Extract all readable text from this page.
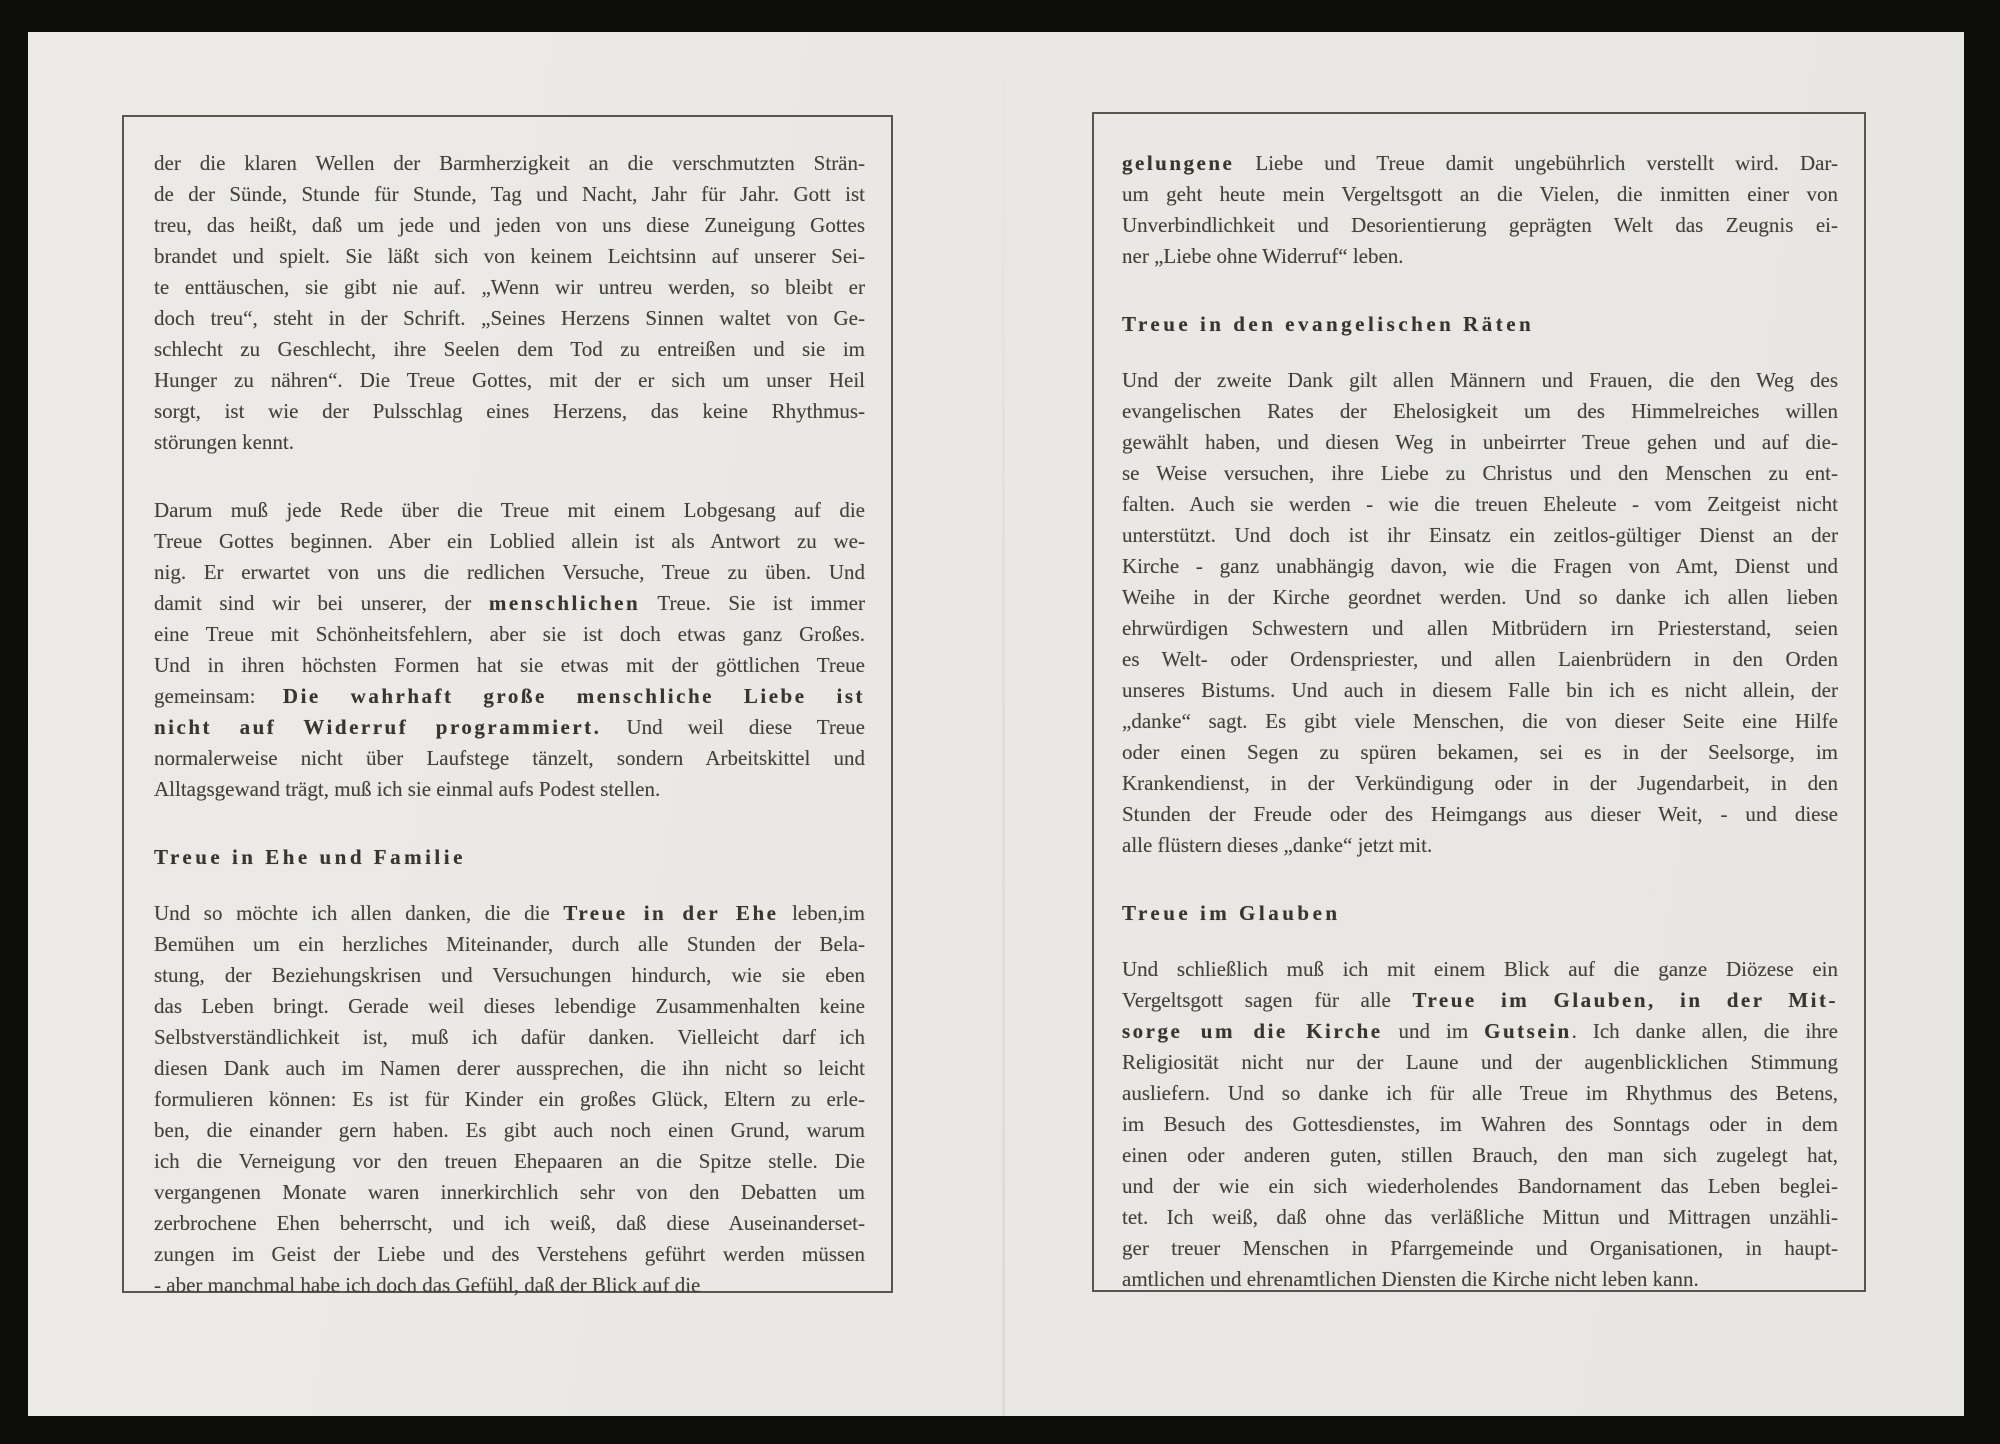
der die klaren Wellen der Barmherzigkeit an die verschmutzten Strän-
de der Sünde, Stunde für Stunde, Tag und Nacht, Jahr für Jahr. Gott ist
treu, das heißt, daß um jede und jeden von uns diese Zuneigung Gottes
brandet und spielt. Sie läßt sich von keinem Leichtsinn auf unserer Sei-
te enttäuschen, sie gibt nie auf. „Wenn wir untreu werden, so bleibt er
doch treu“, steht in der Schrift. „Seines Herzens Sinnen waltet von Ge-
schlecht zu Geschlecht, ihre Seelen dem Tod zu entreißen und sie im
Hunger zu nähren“. Die Treue Gottes, mit der er sich um unser Heil
sorgt, ist wie der Pulsschlag eines Herzens, das keine Rhythmus-
störungen kennt.
Darum muß jede Rede über die Treue mit einem Lobgesang auf die
Treue Gottes beginnen. Aber ein Loblied allein ist als Antwort zu we-
nig. Er erwartet von uns die redlichen Versuche, Treue zu üben. Und
damit sind wir bei unserer, der menschlichen Treue. Sie ist immer
eine Treue mit Schönheitsfehlern, aber sie ist doch etwas ganz Großes.
Und in ihren höchsten Formen hat sie etwas mit der göttlichen Treue
gemeinsam: Die wahrhaft große menschliche Liebe ist
nicht auf Widerruf programmiert. Und weil diese Treue
normalerweise nicht über Laufstege tänzelt, sondern Arbeitskittel und
Alltagsgewand trägt, muß ich sie einmal aufs Podest stellen.
Treue in Ehe und Familie
Und so möchte ich allen danken, die die Treue in der Ehe leben,im
Bemühen um ein herzliches Miteinander, durch alle Stunden der Bela-
stung, der Beziehungskrisen und Versuchungen hindurch, wie sie eben
das Leben bringt. Gerade weil dieses lebendige Zusammenhalten keine
Selbstverständlichkeit ist, muß ich dafür danken. Vielleicht darf ich
diesen Dank auch im Namen derer aussprechen, die ihn nicht so leicht
formulieren können: Es ist für Kinder ein großes Glück, Eltern zu erle-
ben, die einander gern haben. Es gibt auch noch einen Grund, warum
ich die Verneigung vor den treuen Ehepaaren an die Spitze stelle. Die
vergangenen Monate waren innerkirchlich sehr von den Debatten um
zerbrochene Ehen beherrscht, und ich weiß, daß diese Auseinanderset-
zungen im Geist der Liebe und des Verstehens geführt werden müssen
- aber manchmal habe ich doch das Gefühl, daß der Blick auf die
gelungene Liebe und Treue damit ungebührlich verstellt wird. Dar-
um geht heute mein Vergeltsgott an die Vielen, die inmitten einer von
Unverbindlichkeit und Desorientierung geprägten Welt das Zeugnis ei-
ner „Liebe ohne Widerruf“ leben.
Treue in den evangelischen Räten
Und der zweite Dank gilt allen Männern und Frauen, die den Weg des
evangelischen Rates der Ehelosigkeit um des Himmelreiches willen
gewählt haben, und diesen Weg in unbeirrter Treue gehen und auf die-
se Weise versuchen, ihre Liebe zu Christus und den Menschen zu ent-
falten. Auch sie werden - wie die treuen Eheleute - vom Zeitgeist nicht
unterstützt. Und doch ist ihr Einsatz ein zeitlos-gültiger Dienst an der
Kirche - ganz unabhängig davon, wie die Fragen von Amt, Dienst und
Weihe in der Kirche geordnet werden. Und so danke ich allen lieben
ehrwürdigen Schwestern und allen Mitbrüdern irn Priesterstand, seien
es Welt- oder Ordenspriester, und allen Laienbrüdern in den Orden
unseres Bistums. Und auch in diesem Falle bin ich es nicht allein, der
„danke“ sagt. Es gibt viele Menschen, die von dieser Seite eine Hilfe
oder einen Segen zu spüren bekamen, sei es in der Seelsorge, im
Krankendienst, in der Verkündigung oder in der Jugendarbeit, in den
Stunden der Freude oder des Heimgangs aus dieser Weit, - und diese
alle flüstern dieses „danke“ jetzt mit.
Treue im Glauben
Und schließlich muß ich mit einem Blick auf die ganze Diözese ein
Vergeltsgott sagen für alle Treue im Glauben, in der Mit-
sorge um die Kirche und im Gutsein. Ich danke allen, die ihre
Religiosität nicht nur der Laune und der augenblicklichen Stimmung
ausliefern. Und so danke ich für alle Treue im Rhythmus des Betens,
im Besuch des Gottesdienstes, im Wahren des Sonntags oder in dem
einen oder anderen guten, stillen Brauch, den man sich zugelegt hat,
und der wie ein sich wiederholendes Bandornament das Leben beglei-
tet. Ich weiß, daß ohne das verläßliche Mittun und Mittragen unzähli-
ger treuer Menschen in Pfarrgemeinde und Organisationen, in haupt-
amtlichen und ehrenamtlichen Diensten die Kirche nicht leben kann.
